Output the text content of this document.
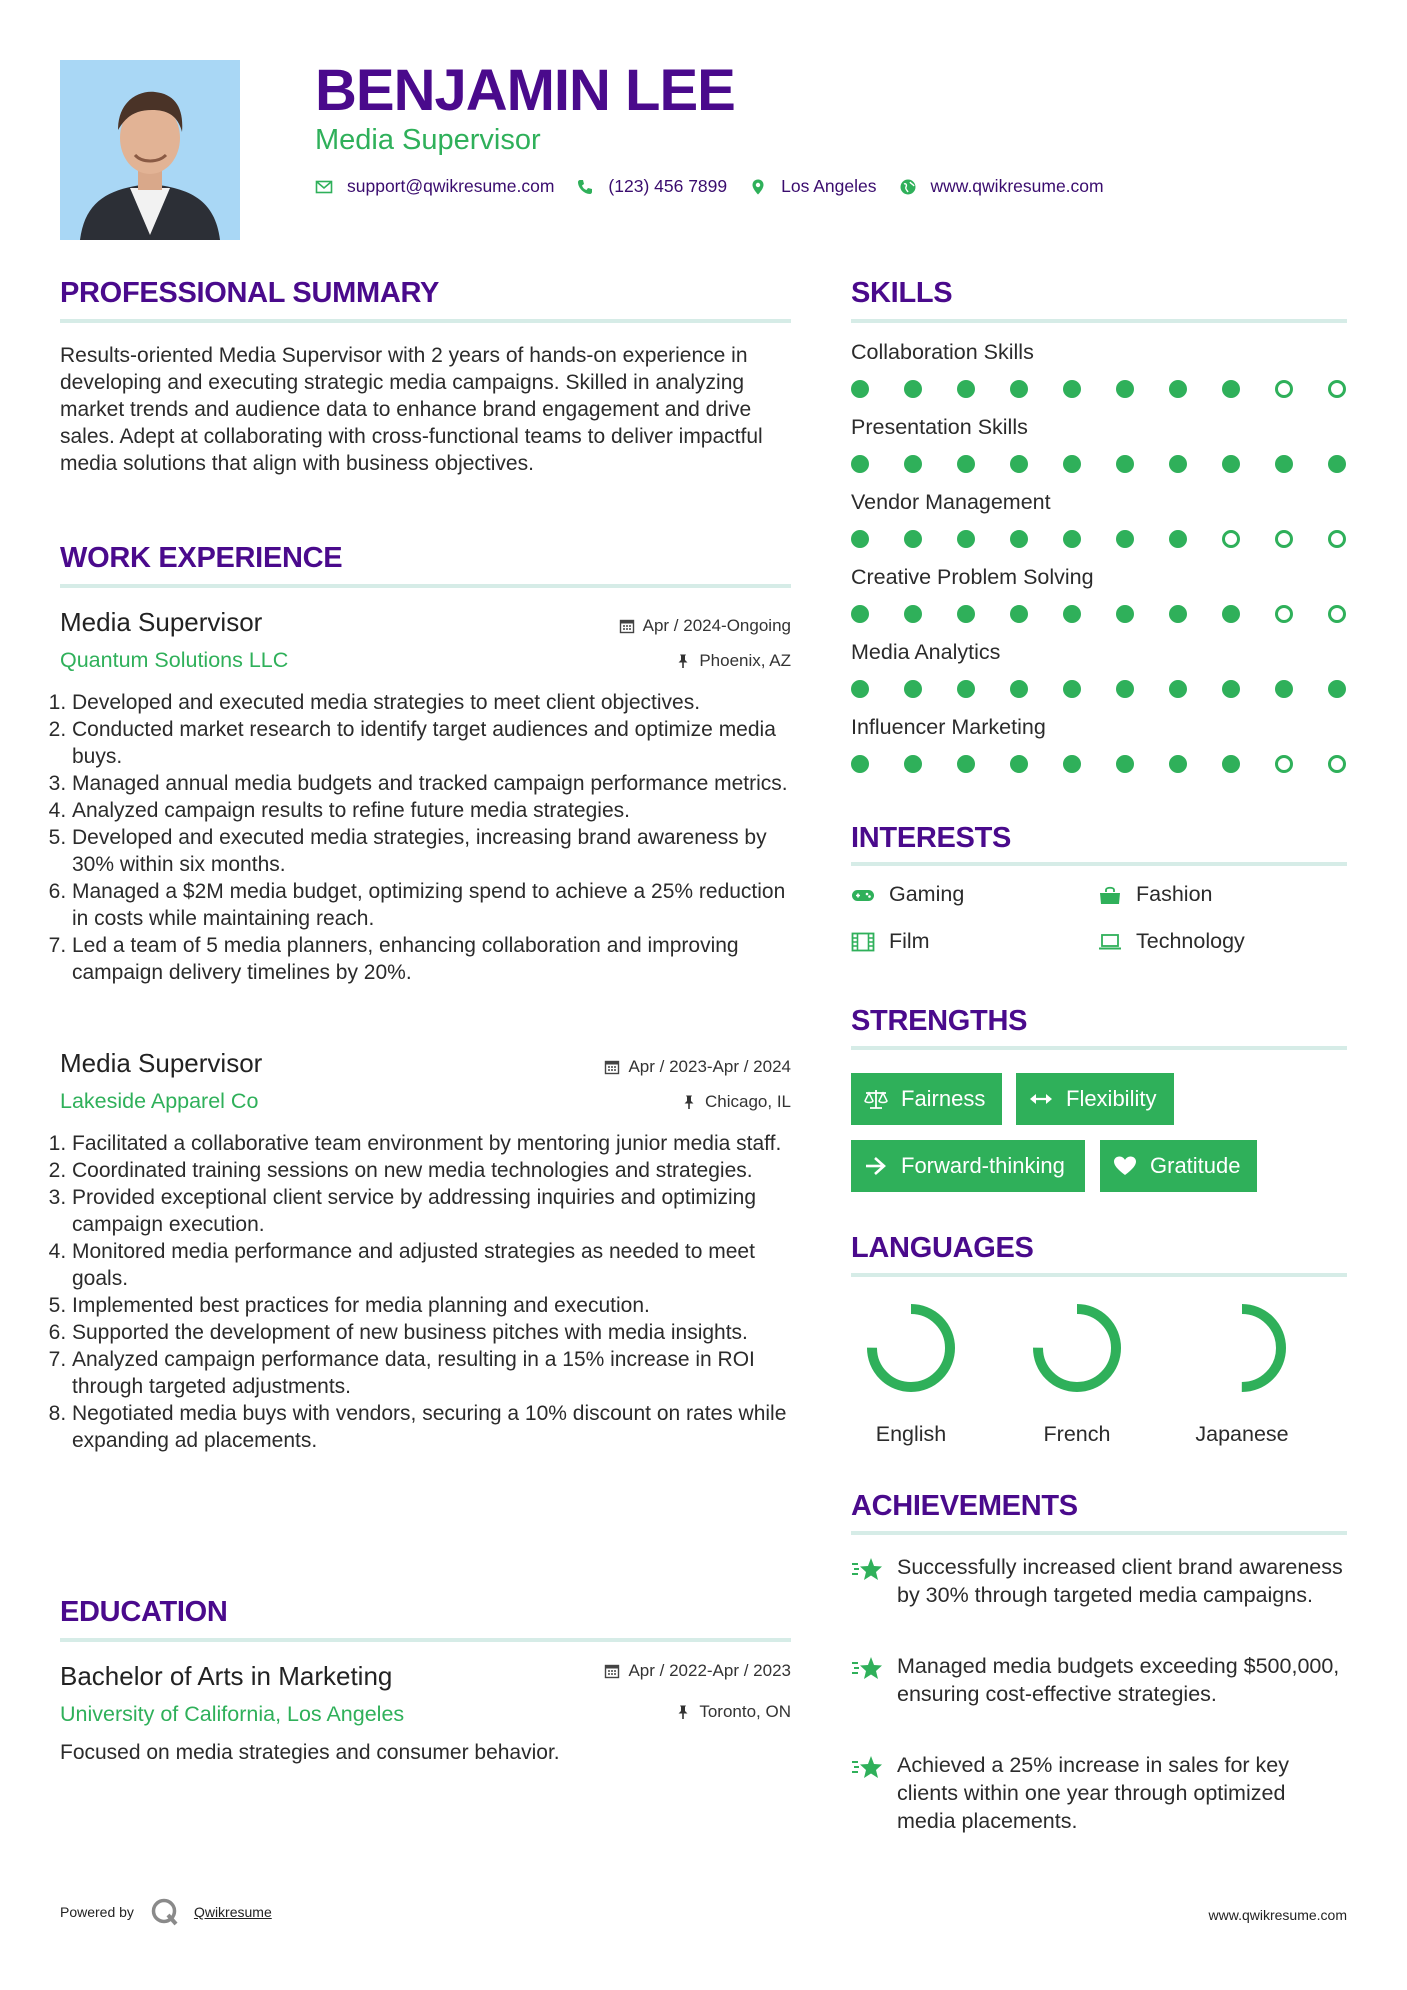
BENJAMIN LEE
Media Supervisor
support@qwikresume.com	(123) 456 7899	Los Angeles	www.qwikresume.com
PROFESSIONAL SUMMARY
Results-oriented Media Supervisor with 2 years of hands-on experience in developing and executing strategic media campaigns. Skilled in analyzing market trends and audience data to enhance brand engagement and drive sales. Adept at collaborating with cross-functional teams to deliver impactful media solutions that align with business objectives.
WORK EXPERIENCE
Media Supervisor
Quantum Solutions LLC
Apr / 2024-Ongoing
Phoenix, AZ
1. Developed and executed media strategies to meet client objectives.
2. Conducted market research to identify target audiences and optimize media buys.
3. Managed annual media budgets and tracked campaign performance metrics.
4. Analyzed campaign results to refine future media strategies.
5. Developed and executed media strategies, increasing brand awareness by 30% within six months.
6. Managed a $2M media budget, optimizing spend to achieve a 25% reduction in costs while maintaining reach.
7. Led a team of 5 media planners, enhancing collaboration and improving campaign delivery timelines by 20%.
Media Supervisor
Lakeside Apparel Co
Apr / 2023-Apr / 2024
Chicago, IL
1. Facilitated a collaborative team environment by mentoring junior media staff.
2. Coordinated training sessions on new media technologies and strategies.
3. Provided exceptional client service by addressing inquiries and optimizing campaign execution.
4. Monitored media performance and adjusted strategies as needed to meet goals.
5. Implemented best practices for media planning and execution.
6. Supported the development of new business pitches with media insights.
7. Analyzed campaign performance data, resulting in a 15% increase in ROI through targeted adjustments.
8. Negotiated media buys with vendors, securing a 10% discount on rates while expanding ad placements.
EDUCATION
Bachelor of Arts in Marketing
University of California, Los Angeles
Apr / 2022-Apr / 2023
Toronto, ON
Focused on media strategies and consumer behavior.
SKILLS
Collaboration Skills
Presentation Skills
Vendor Management
Creative Problem Solving
Media Analytics
Influencer Marketing
INTERESTS
Gaming	Fashion
Film	Technology
STRENGTHS
Fairness	Flexibility
Forward-thinking	Gratitude
LANGUAGES
English	French	Japanese
ACHIEVEMENTS
Successfully increased client brand awareness by 30% through targeted media campaigns.
Managed media budgets exceeding $500,000, ensuring cost-effective strategies.
Achieved a 25% increase in sales for key clients within one year through optimized media placements.
Powered by	Qwikresume	www.qwikresume.com
